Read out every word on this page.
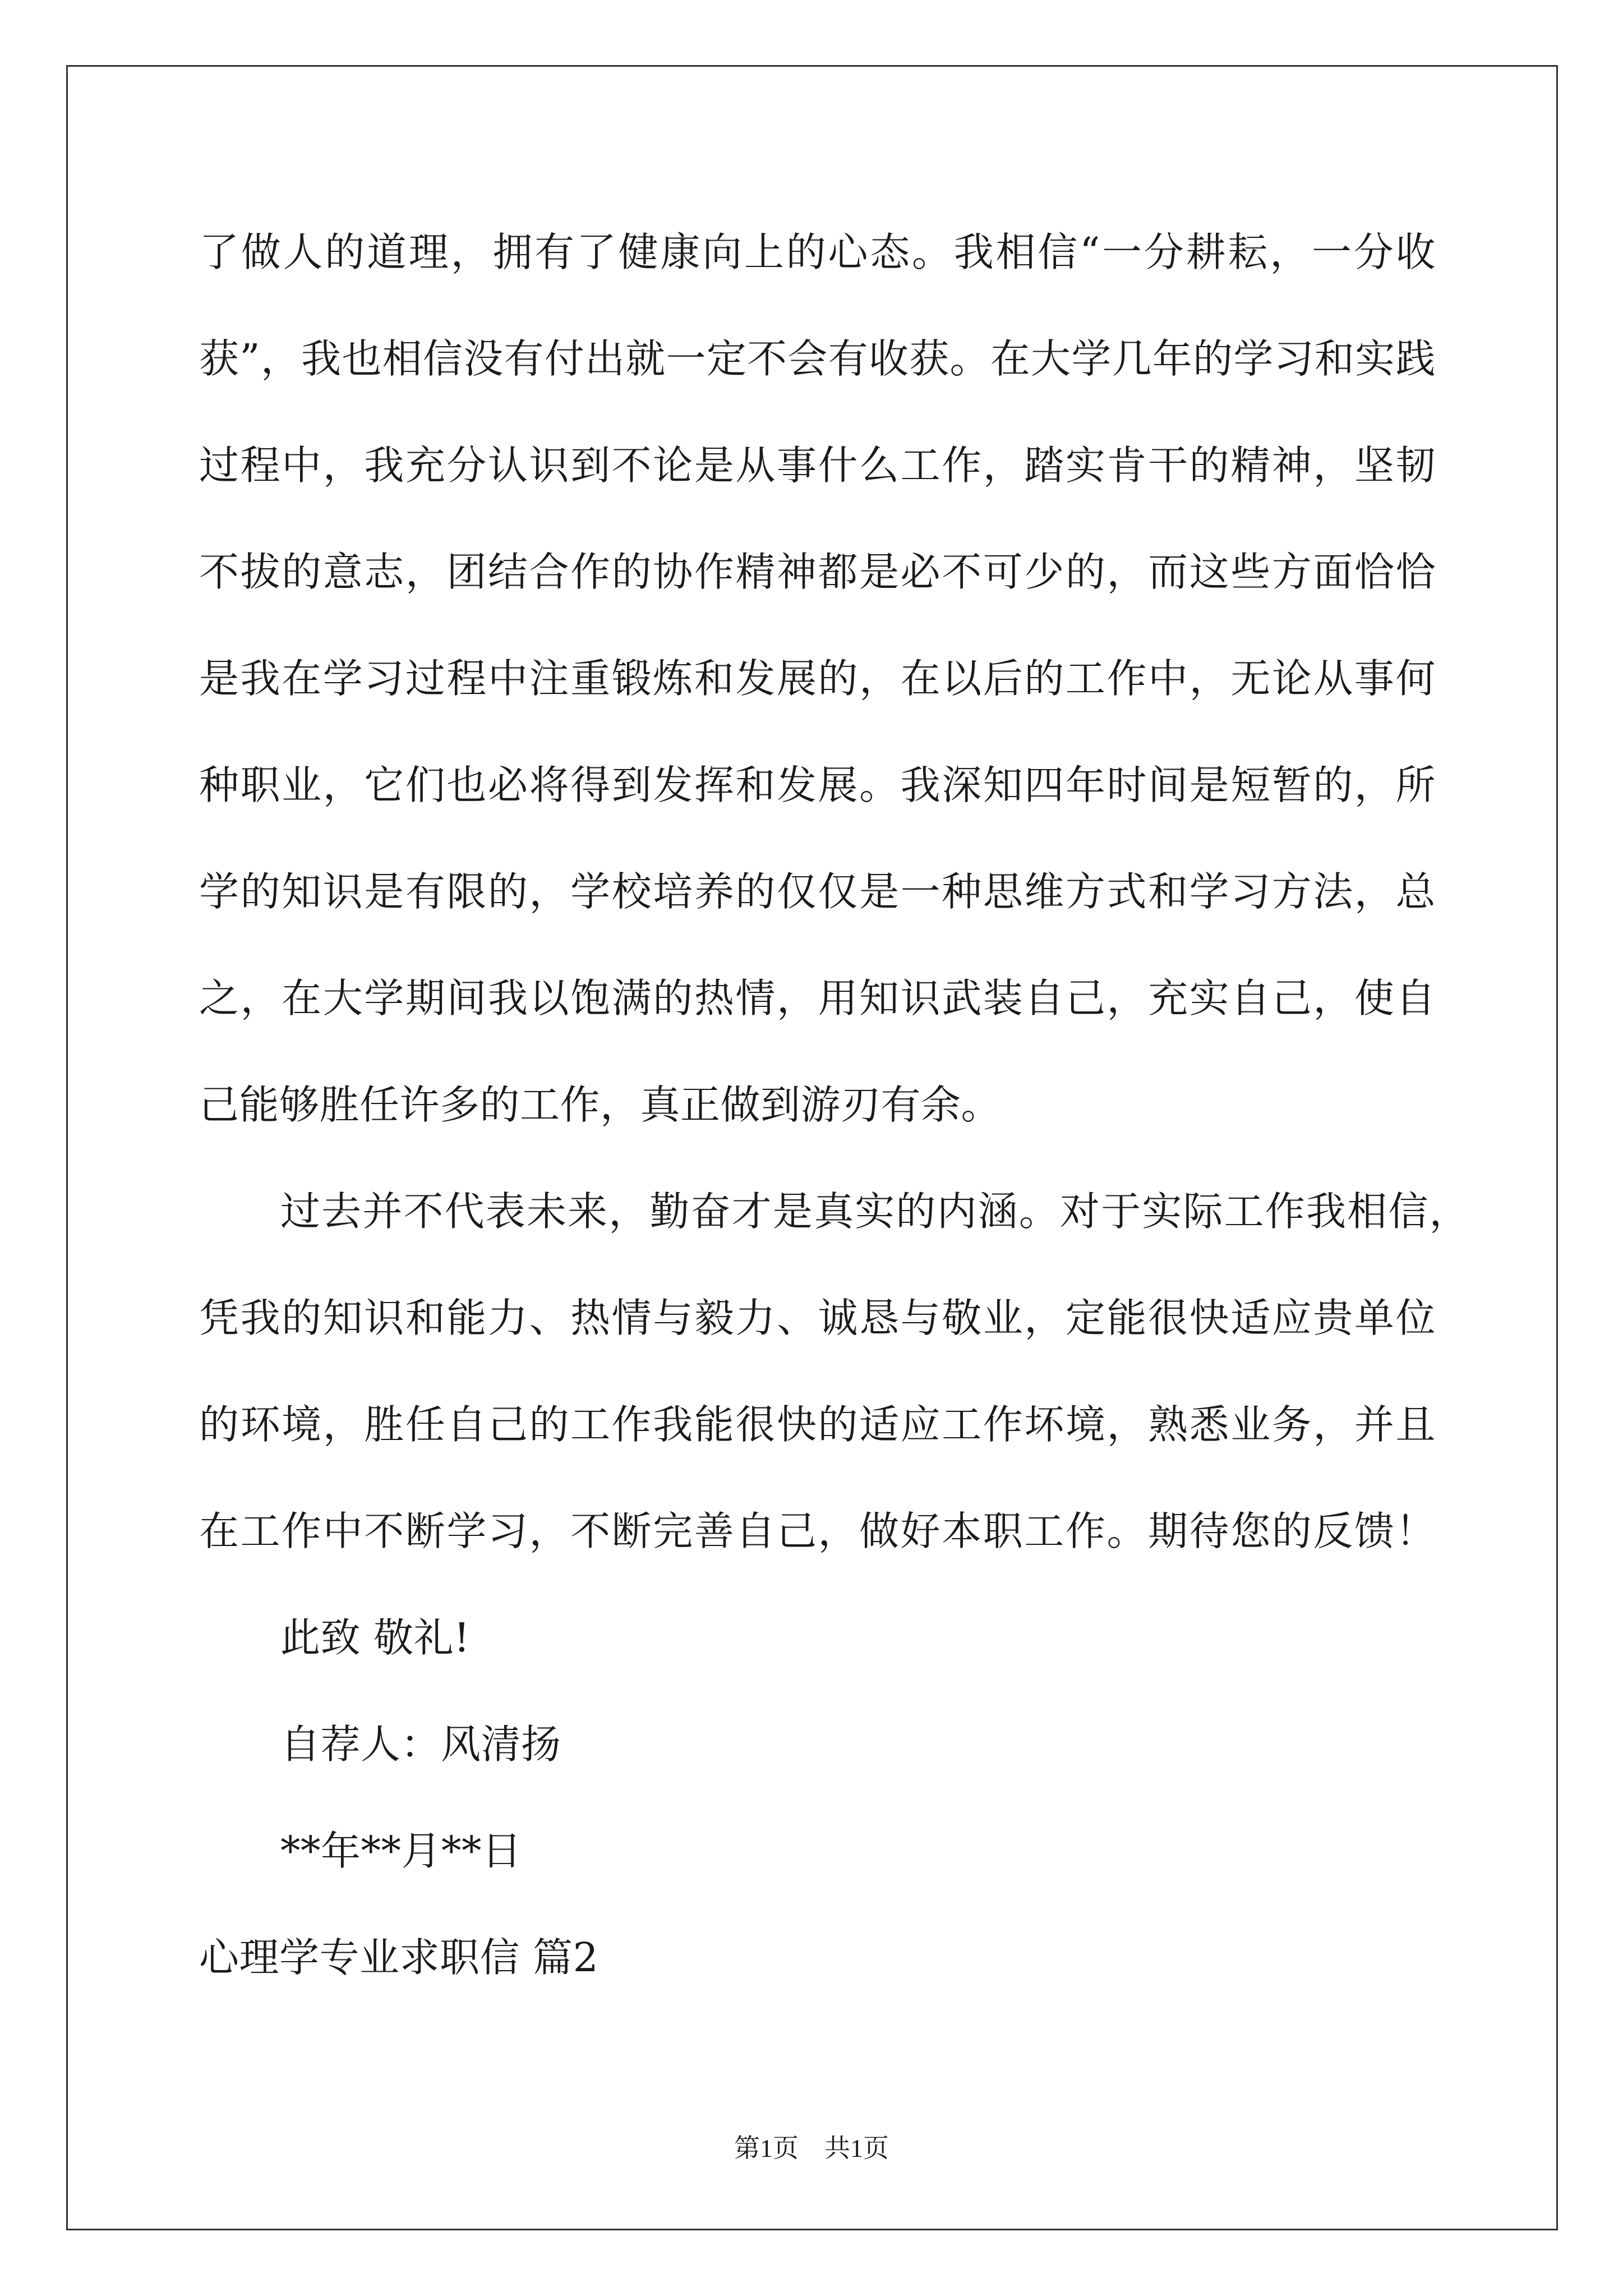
了做人的道理，拥有了健康向上的心态。我相信“一分耕耘，一分收
获”，我也相信没有付出就一定不会有收获。在大学几年的学习和实践
过程中，我充分认识到不论是从事什么工作，踏实肯干的精神，坚韧
不拔的意志，团结合作的协作精神都是必不可少的，而这些方面恰恰
是我在学习过程中注重锻炼和发展的，在以后的工作中，无论从事何
种职业，它们也必将得到发挥和发展。我深知四年时间是短暂的，所
学的知识是有限的，学校培养的仅仅是一种思维方式和学习方法，总
之，在大学期间我以饱满的热情，用知识武装自己，充实自己，使自
己能够胜任许多的工作，真正做到游刃有余。
过去并不代表未来，勤奋才是真实的内涵。对于实际工作我相信，
凭我的知识和能力、热情与毅力、诚恳与敬业，定能很快适应贵单位
的环境，胜任自己的工作我能很快的适应工作坏境，熟悉业务，并且
在工作中不断学习，不断完善自己，做好本职工作。期待您的反馈！
此致 敬礼!
自荐人：风清扬
**年**月**日
心理学专业求职信 篇2
第1页　共1页
